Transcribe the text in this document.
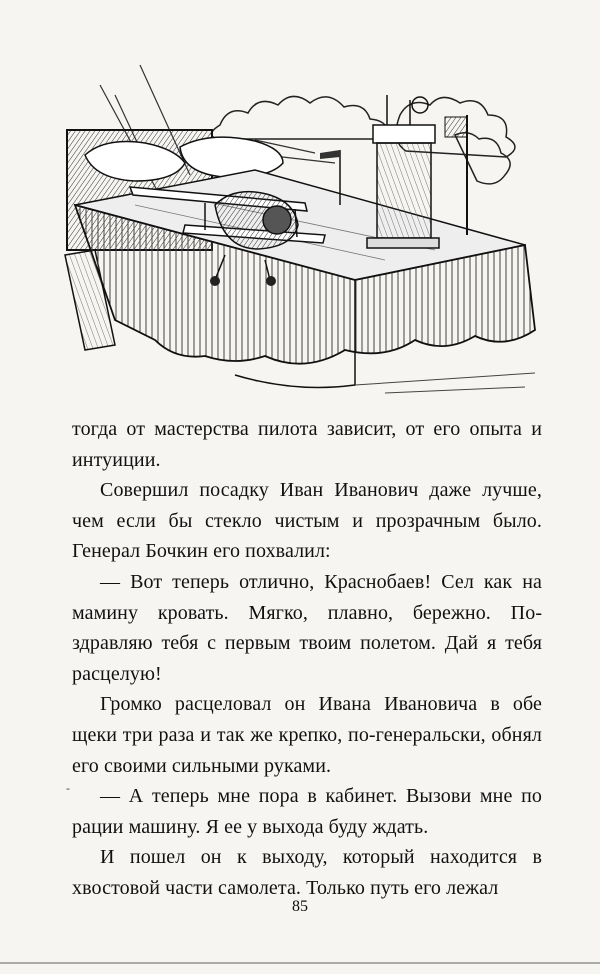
тогда от мастерства пилота зависит, от его опыта и интуиции.

Совершил посадку Иван Иванович даже лучше, чем если бы стекло чистым и прозрачным было. Генерал Бочкин его похвалил:

— Вот теперь отлично, Краснобаев! Сел как на мамину кровать. Мягко, плавно, бережно. Поздравляю тебя с первым твоим полетом. Дай я тебя расцелую!

Громко расцеловал он Ивана Ивановича в обе щеки три раза и так же крепко, по-генеральски, обнял его своими сильными руками.

— А теперь мне пора в кабинет. Вызови мне по рации машину. Я ее у выхода буду ждать.

И пошел он к выходу, который находится в хвостовой части самолета. Только путь его лежал

-
85
